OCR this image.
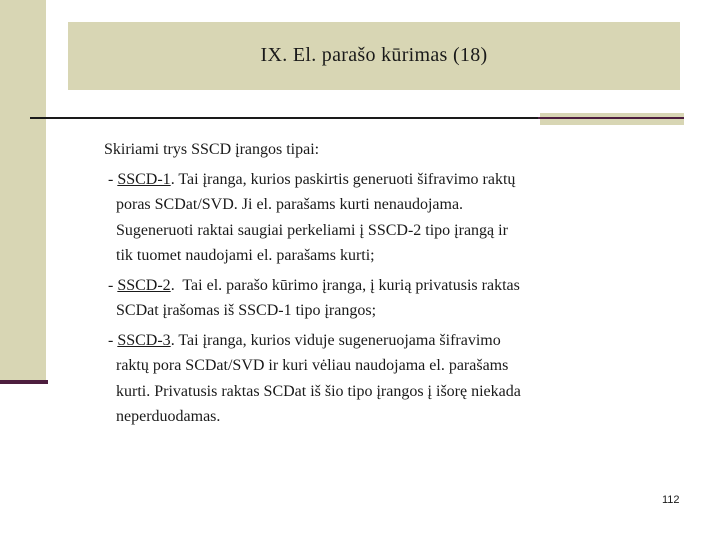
IX. El. parašo kūrimas (18)
Skiriami trys SSCD įrangos tipai:
- SSCD-1. Tai įranga, kurios paskirtis generuoti šifravimo raktų
poras SCDat/SVD. Ji el. parašams kurti nenaudojama.
Sugeneruoti raktai saugiai perkeliami į SSCD-2 tipo įrangą ir
tik tuomet naudojami el. parašams kurti;
- SSCD-2.  Tai el. parašo kūrimo įranga, į kurią privatusis raktas
SCDat įrašomas iš SSCD-1 tipo įrangos;
- SSCD-3. Tai įranga, kurios viduje sugeneruojama šifravimo
raktų pora SCDat/SVD ir kuri vėliau naudojama el. parašams
kurti. Privatusis raktas SCDat iš šio tipo įrangos į išorę niekada
neperduodamas.
112
